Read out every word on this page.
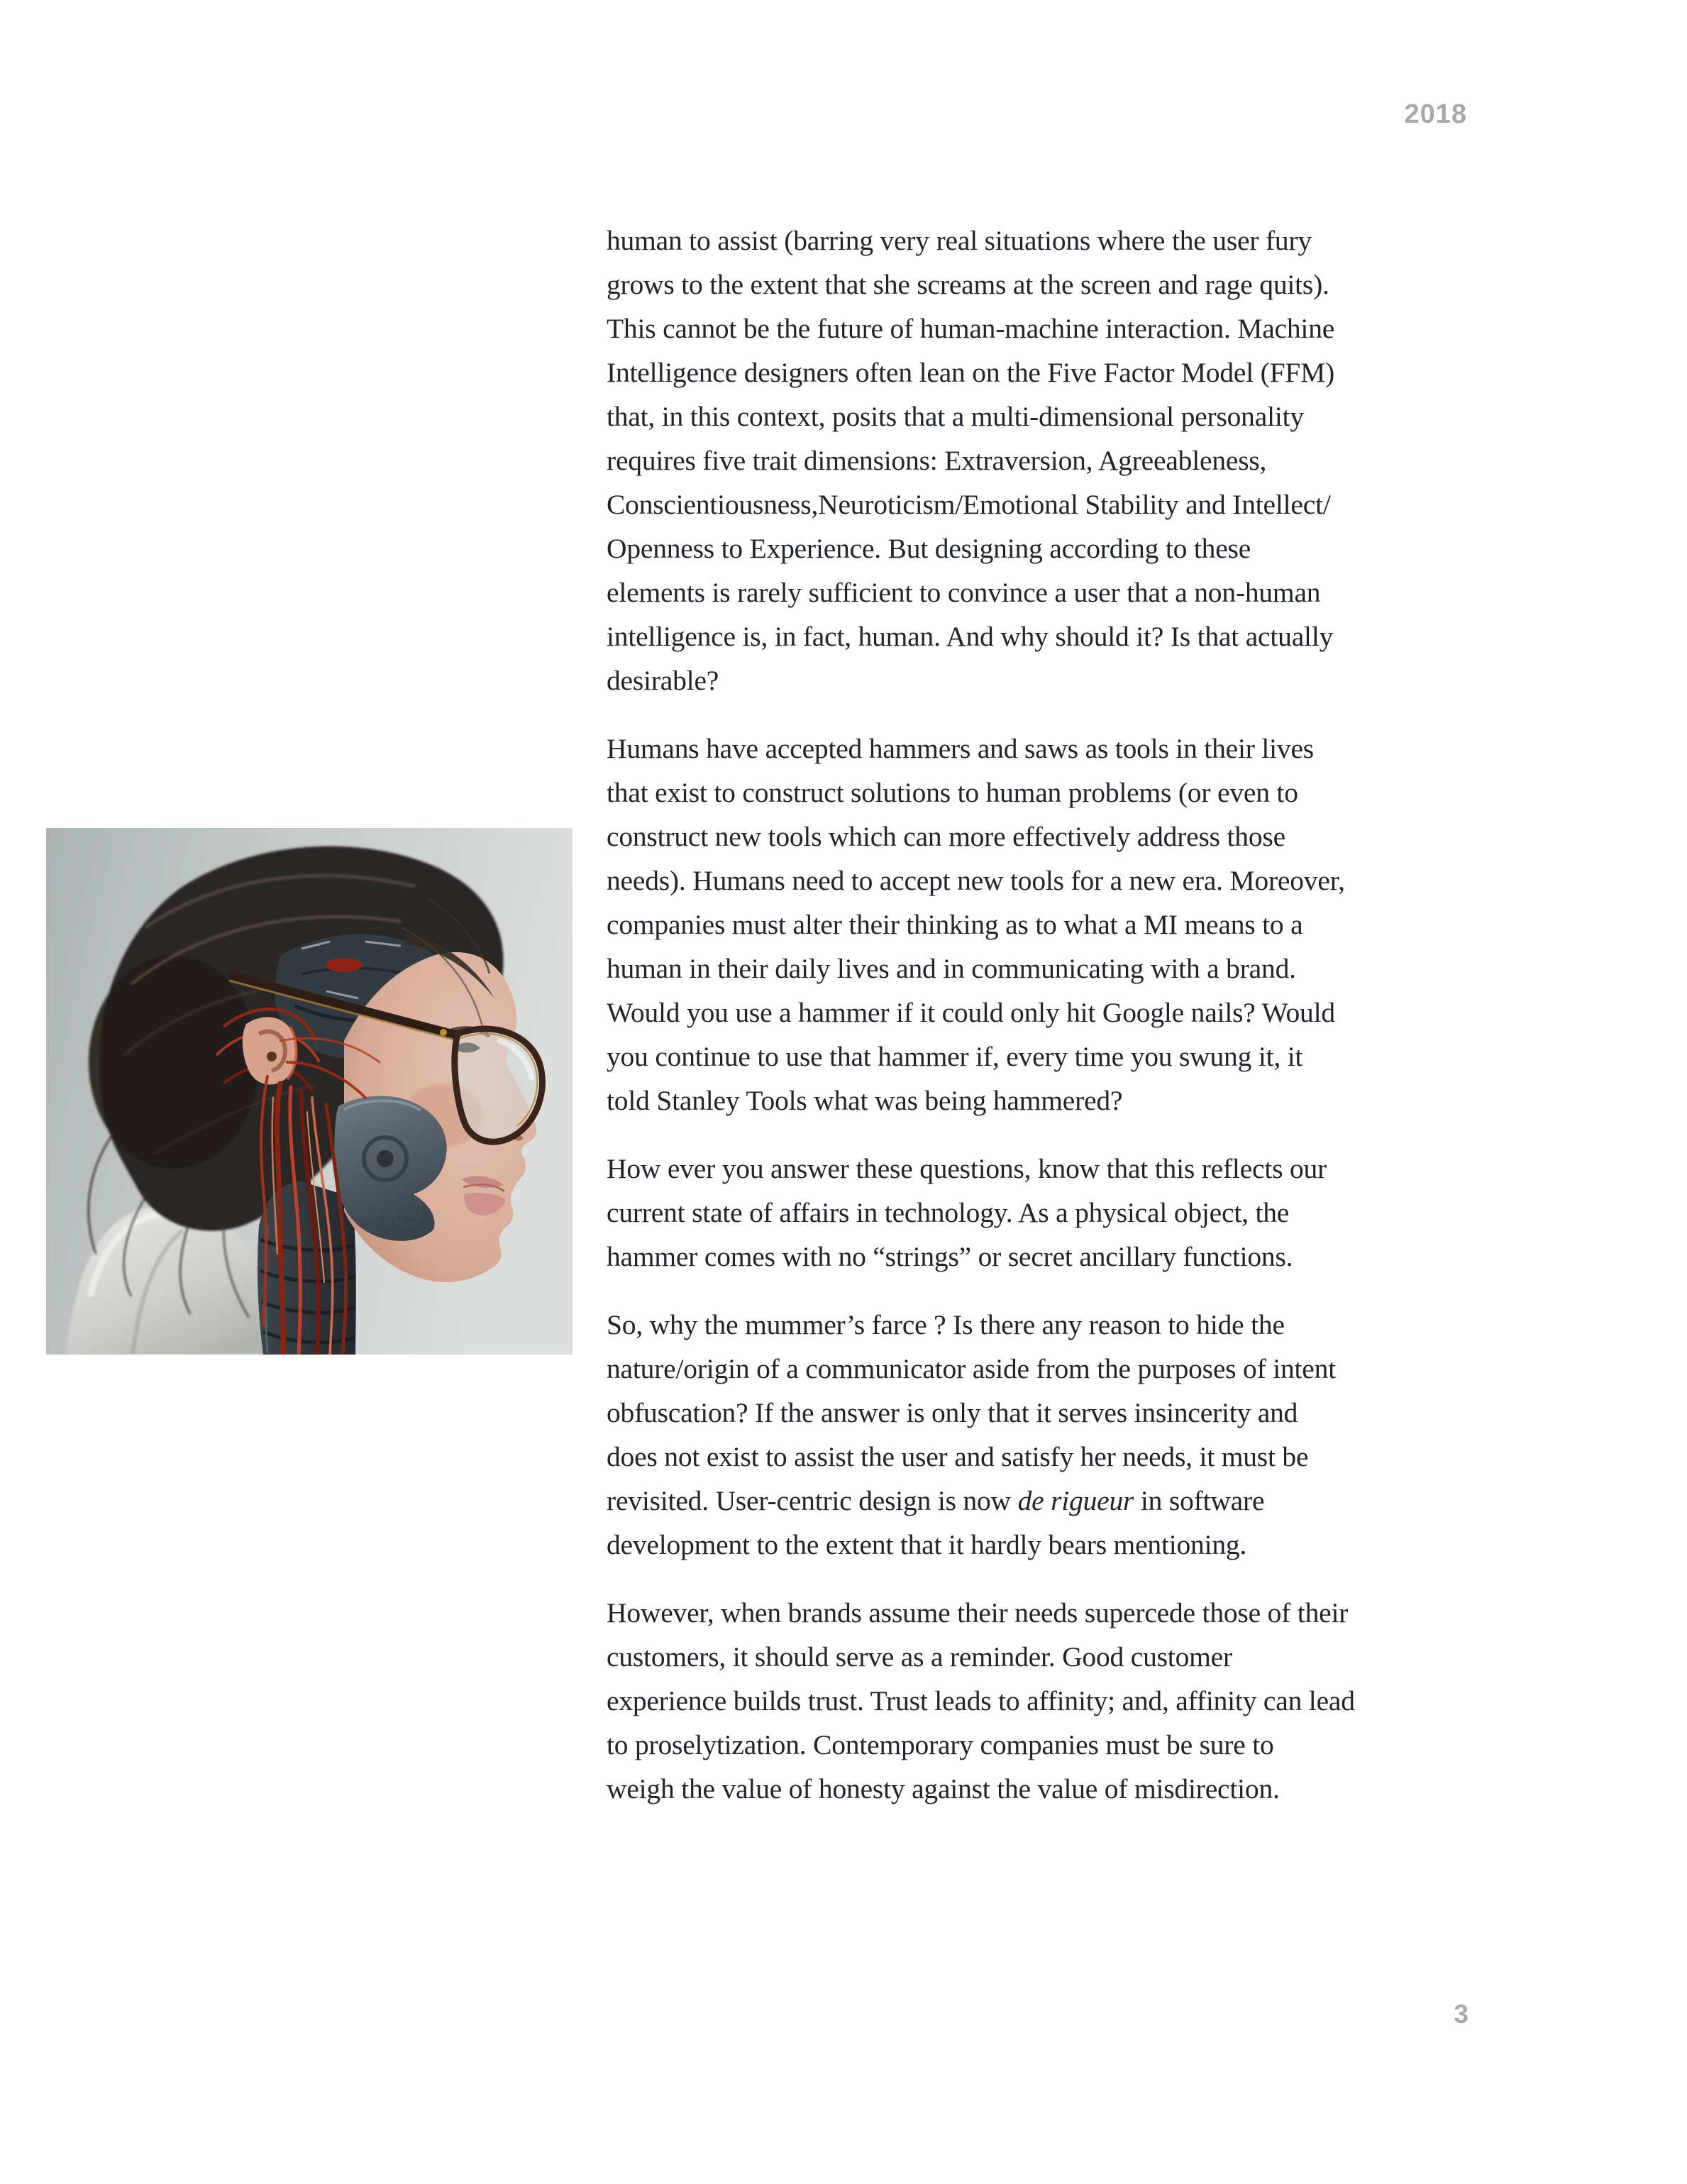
2018

human to assist (barring very real situations where the user fury
grows to the extent that she screams at the screen and rage quits).
This cannot be the future of human-machine interaction. Machine
Intelligence designers often lean on the Five Factor Model (FFM)
that, in this context, posits that a multi-dimensional personality
requires five trait dimensions: Extraversion, Agreeableness,
Conscientiousness,Neuroticism/Emotional Stability and Intellect/
Openness to Experience. But designing according to these
elements is rarely sufficient to convince a user that a non-human
intelligence is, in fact, human. And why should it? Is that actually
desirable?

Humans have accepted hammers and saws as tools in their lives
that exist to construct solutions to human problems (or even to
construct new tools which can more effectively address those
needs). Humans need to accept new tools for a new era. Moreover,
companies must alter their thinking as to what a MI means to a
human in their daily lives and in communicating with a brand.
Would you use a hammer if it could only hit Google nails? Would
you continue to use that hammer if, every time you swung it, it
told Stanley Tools what was being hammered?

How ever you answer these questions, know that this reflects our
current state of affairs in technology. As a physical object, the
hammer comes with no “strings” or secret ancillary functions.

So, why the mummer’s farce ? Is there any reason to hide the
nature/origin of a communicator aside from the purposes of intent
obfuscation? If the answer is only that it serves insincerity and
does not exist to assist the user and satisfy her needs, it must be
revisited. User-centric design is now de rigueur in software
development to the extent that it hardly bears mentioning.

However, when brands assume their needs supercede those of their
customers, it should serve as a reminder. Good customer
experience builds trust. Trust leads to affinity; and, affinity can lead
to proselytization. Contemporary companies must be sure to
weigh the value of honesty against the value of misdirection.

3
